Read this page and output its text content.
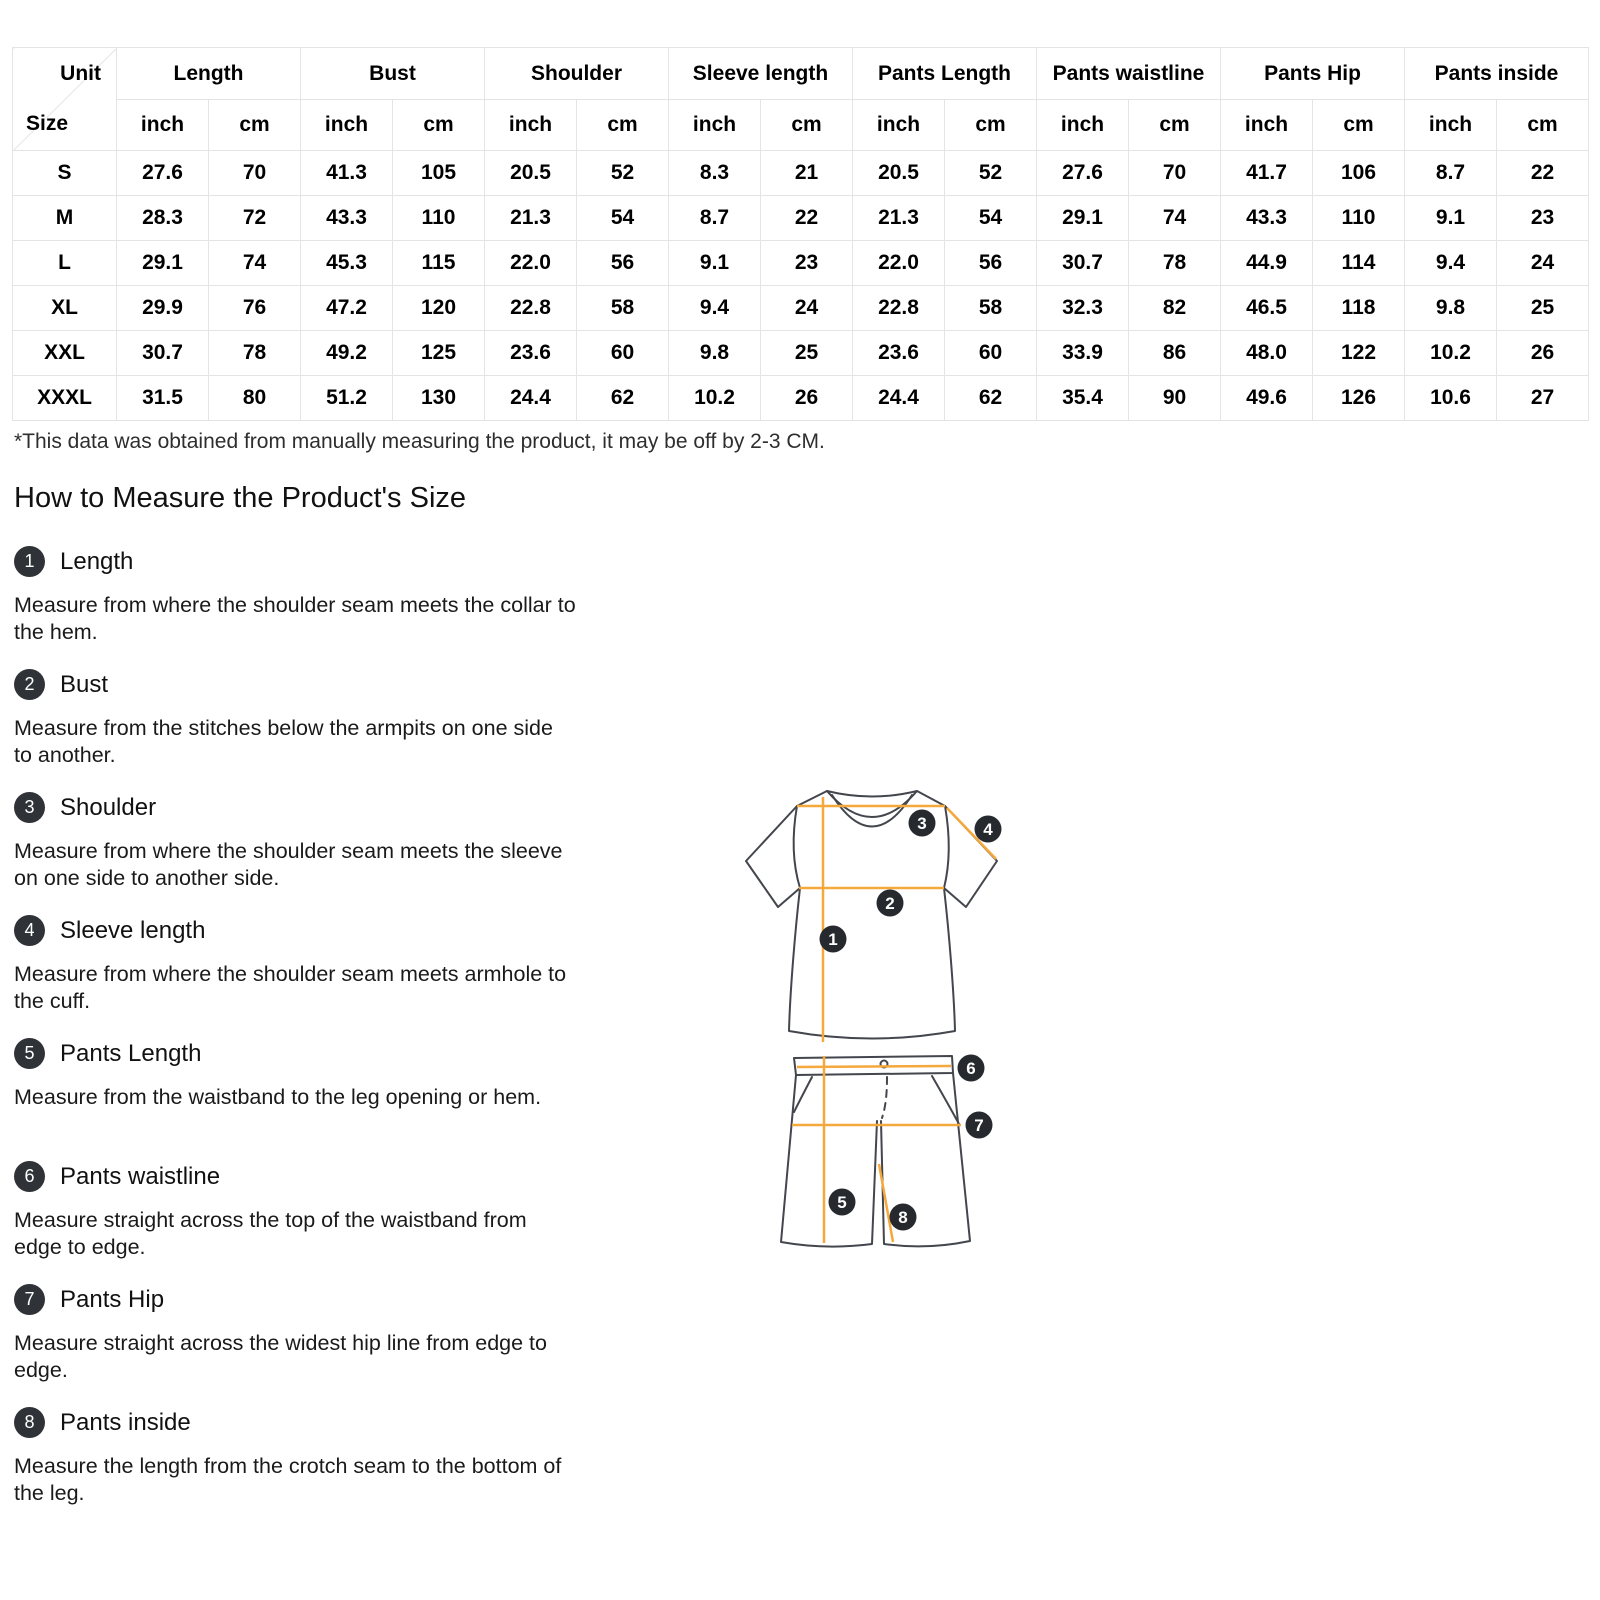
Unit
Size	Length		Bust		Shoulder		Sleeve length		Pants Length		Pants waistline		Pants Hip		Pants inside	
	inch	cm	inch	cm	inch	cm	inch	cm	inch	cm	inch	cm	inch	cm	inch	cm
S	27.6	70	41.3	105	20.5	52	8.3	21	20.5	52	27.6	70	41.7	106	8.7	22
M	28.3	72	43.3	110	21.3	54	8.7	22	21.3	54	29.1	74	43.3	110	9.1	23
L	29.1	74	45.3	115	22.0	56	9.1	23	22.0	56	30.7	78	44.9	114	9.4	24
XL	29.9	76	47.2	120	22.8	58	9.4	24	22.8	58	32.3	82	46.5	118	9.8	25
XXL	30.7	78	49.2	125	23.6	60	9.8	25	23.6	60	33.9	86	48.0	122	10.2	26
XXXL	31.5	80	51.2	130	24.4	62	10.2	26	24.4	62	35.4	90	49.6	126	10.6	27
*This data was obtained from manually measuring the product, it may be off by 2-3 CM.
How to Measure the Product's Size
1	Length
Measure from where the shoulder seam meets the collar to the hem.
2	Bust
Measure from the stitches below the armpits on one side to another.
3	Shoulder
Measure from where the shoulder seam meets the sleeve on one side to another side.
4	Sleeve length
Measure from where the shoulder seam meets armhole to the cuff.
5	Pants Length
Measure from the waistband to the leg opening or hem.
6	Pants waistline
Measure straight across the top of the waistband from edge to edge.
7	Pants Hip
Measure straight across the widest hip line from edge to edge.
8	Pants inside
Measure the length from the crotch seam to the bottom of the leg.
1
2
3	4
5
6
7
8
